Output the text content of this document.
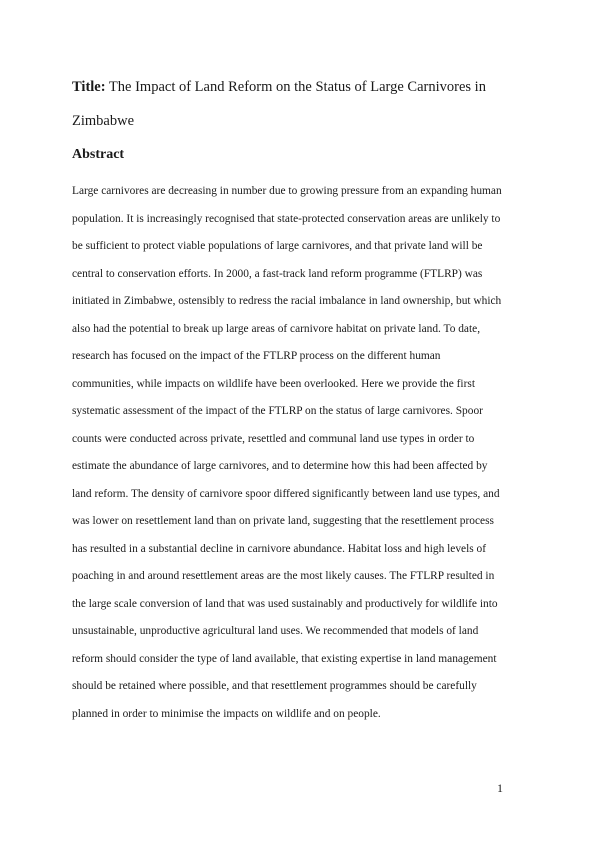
Title: The Impact of Land Reform on the Status of Large Carnivores in
Zimbabwe
Abstract
Large carnivores are decreasing in number due to growing pressure from an expanding human
population. It is increasingly recognised that state-protected conservation areas are unlikely to
be sufficient to protect viable populations of large carnivores, and that private land will be
central to conservation efforts. In 2000, a fast-track land reform programme (FTLRP) was
initiated in Zimbabwe, ostensibly to redress the racial imbalance in land ownership, but which
also had the potential to break up large areas of carnivore habitat on private land. To date,
research has focused on the impact of the FTLRP process on the different human
communities, while impacts on wildlife have been overlooked. Here we provide the first
systematic assessment of the impact of the FTLRP on the status of large carnivores. Spoor
counts were conducted across private, resettled and communal land use types in order to
estimate the abundance of large carnivores, and to determine how this had been affected by
land reform. The density of carnivore spoor differed significantly between land use types, and
was lower on resettlement land than on private land, suggesting that the resettlement process
has resulted in a substantial decline in carnivore abundance. Habitat loss and high levels of
poaching in and around resettlement areas are the most likely causes. The FTLRP resulted in
the large scale conversion of land that was used sustainably and productively for wildlife into
unsustainable, unproductive agricultural land uses. We recommended that models of land
reform should consider the type of land available, that existing expertise in land management
should be retained where possible, and that resettlement programmes should be carefully
planned in order to minimise the impacts on wildlife and on people.
1
